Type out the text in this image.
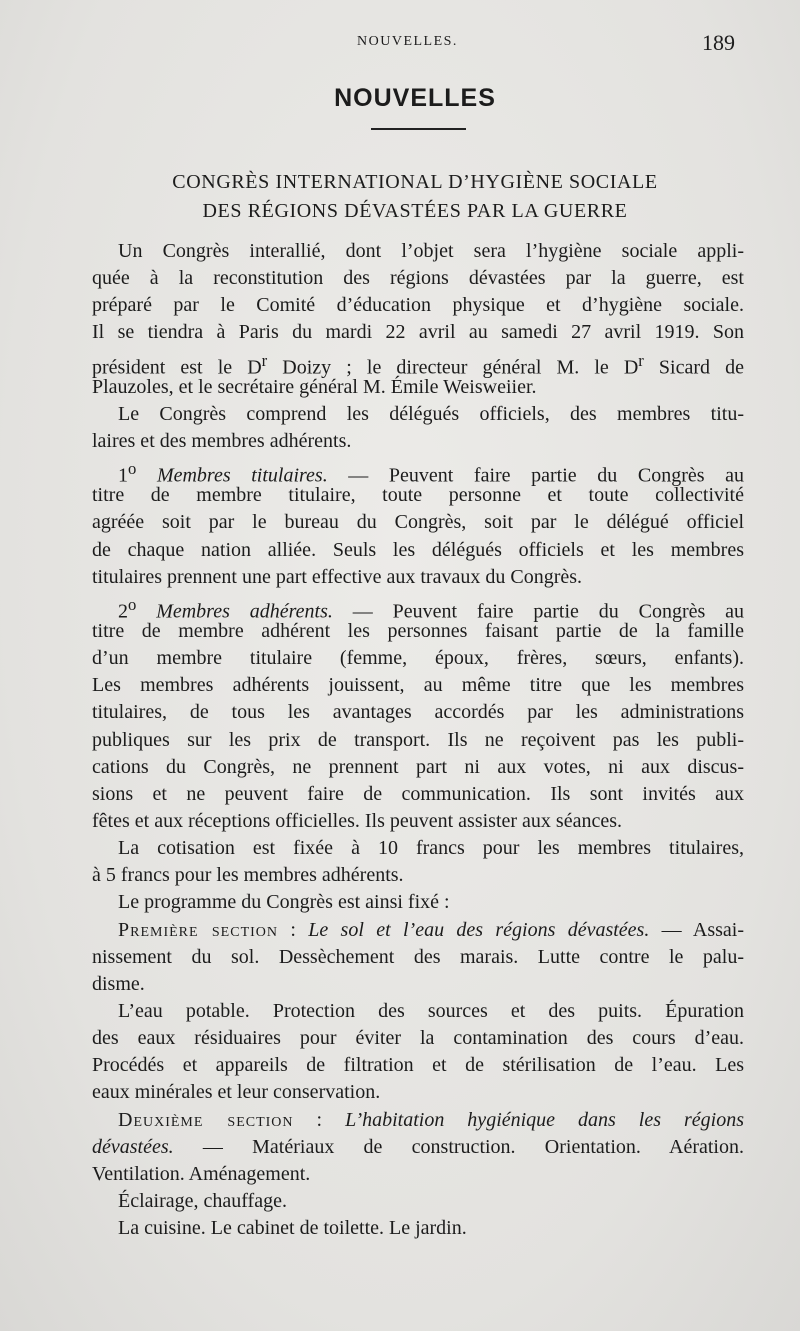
NOUVELLES.	189
NOUVELLES
CONGRÈS INTERNATIONAL D’HYGIÈNE SOCIALE
DES RÉGIONS DÉVASTÉES PAR LA GUERRE
Un Congrès interallié, dont l’objet sera l’hygiène sociale appli-
quée à la reconstitution des régions dévastées par la guerre, est
préparé par le Comité d’éducation physique et d’hygiène sociale.
Il se tiendra à Paris du mardi 22 avril au samedi 27 avril 1919. Son
président est le $D^r$ Doizy ; le directeur général M. le $D^r$ Sicard de
Plauzoles, et le secrétaire général M. Émile Weisweiier.
Le Congrès comprend les délégués officiels, des membres titu-
laires et des membres adhérents.
1$^o$ Membres titulaires. — Peuvent faire partie du Congrès au
titre de membre titulaire, toute personne et toute collectivité
agréée soit par le bureau du Congrès, soit par le délégué officiel
de chaque nation alliée. Seuls les délégués officiels et les membres
titulaires prennent une part effective aux travaux du Congrès.
2$^o$ Membres adhérents. — Peuvent faire partie du Congrès au
titre de membre adhérent les personnes faisant partie de la famille
d’un membre titulaire (femme, époux, frères, sœurs, enfants).
Les membres adhérents jouissent, au même titre que les membres
titulaires, de tous les avantages accordés par les administrations
publiques sur les prix de transport. Ils ne reçoivent pas les publi-
cations du Congrès, ne prennent part ni aux votes, ni aux discus-
sions et ne peuvent faire de communication. Ils sont invités aux
fêtes et aux réceptions officielles. Ils peuvent assister aux séances.
La cotisation est fixée à 10 francs pour les membres titulaires,
à 5 francs pour les membres adhérents.
Le programme du Congrès est ainsi fixé :
Première section : Le sol et l’eau des régions dévastées. — Assai-
nissement du sol. Dessèchement des marais. Lutte contre le palu-
disme.
L’eau potable. Protection des sources et des puits. Épuration
des eaux résiduaires pour éviter la contamination des cours d’eau.
Procédés et appareils de filtration et de stérilisation de l’eau. Les
eaux minérales et leur conservation.
Deuxième section : L’habitation hygiénique dans les régions
dévastées. — Matériaux de construction. Orientation. Aération.
Ventilation. Aménagement.
Éclairage, chauffage.
La cuisine. Le cabinet de toilette. Le jardin.
